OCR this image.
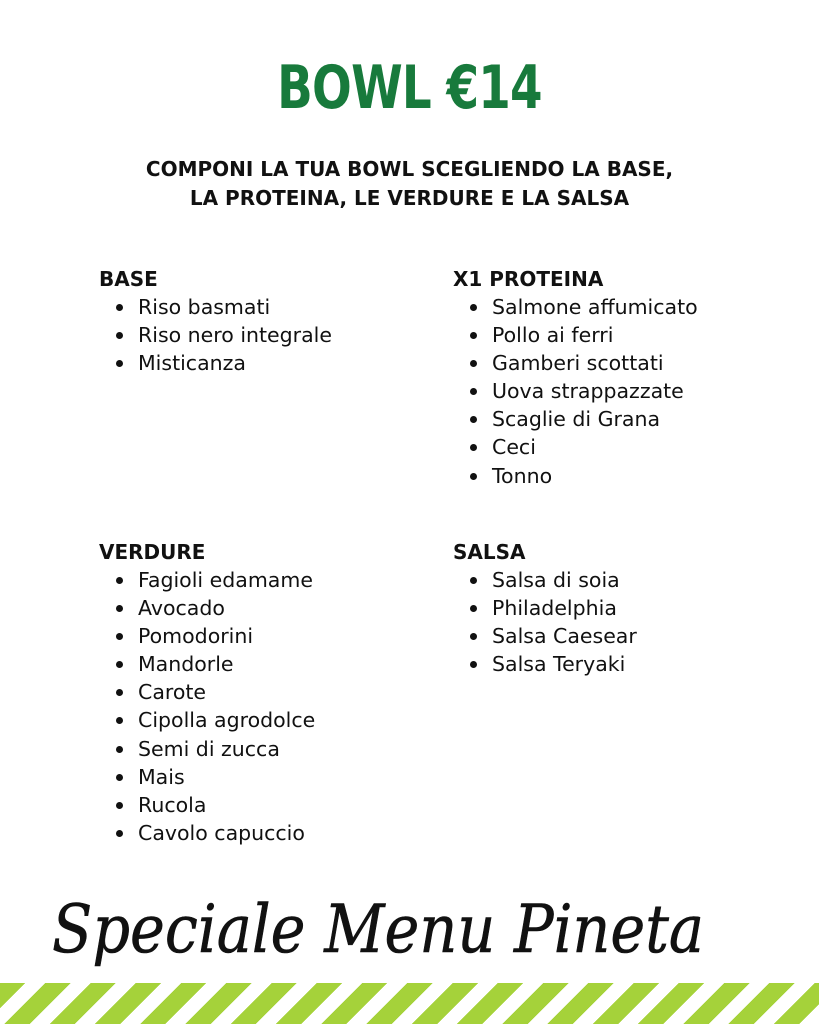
BOWL €14
COMPONI LA TUA BOWL SCEGLIENDO LA BASE,
LA PROTEINA, LE VERDURE E LA SALSA
BASE
Riso basmati
Riso nero integrale
Misticanza
X1 PROTEINA
Salmone affumicato
Pollo ai ferri
Gamberi scottati
Uova strappazzate
Scaglie di Grana
Ceci
Tonno
VERDURE
Fagioli edamame
Avocado
Pomodorini
Mandorle
Carote
Cipolla agrodolce
Semi di zucca
Mais
Rucola
Cavolo capuccio
SALSA
Salsa di soia
Philadelphia
Salsa Caesear
Salsa Teryaki
Speciale Menu Pineta
